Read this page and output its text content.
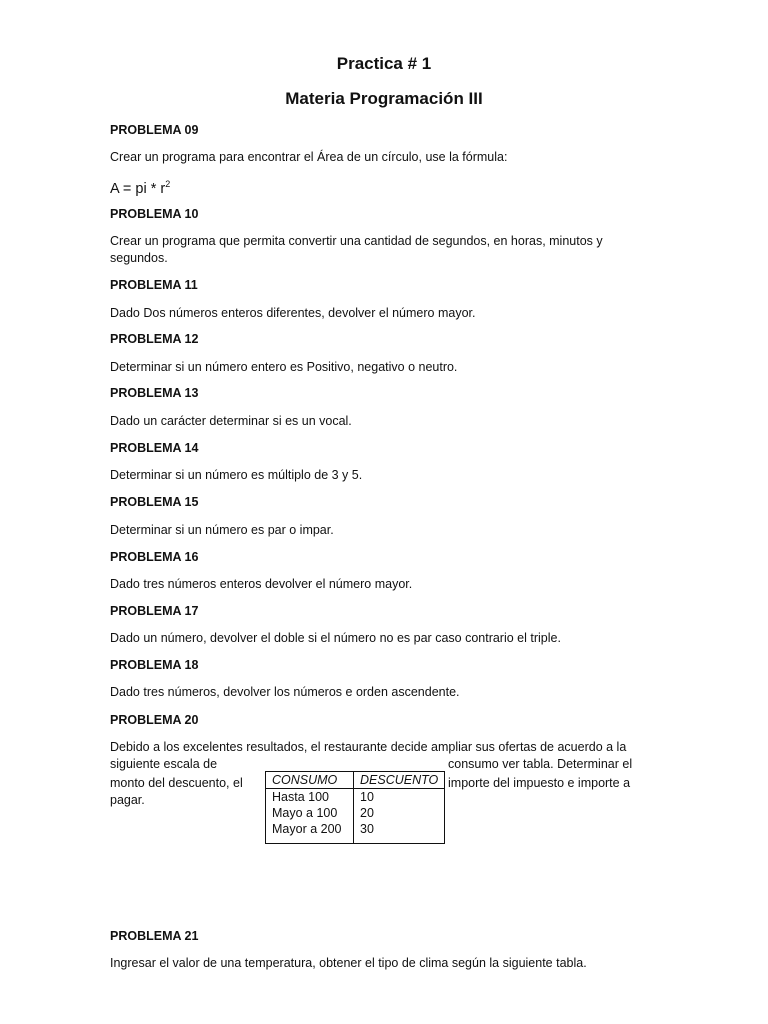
Practica # 1
Materia Programación III
PROBLEMA 09
Crear un programa para encontrar el Área de un círculo, use la fórmula:
A = pi * $r^2$
PROBLEMA 10
Crear un programa que permita convertir una cantidad de segundos, en horas, minutos y segundos.
PROBLEMA 11
Dado Dos números enteros diferentes, devolver el número mayor.
PROBLEMA 12
Determinar si un número entero es Positivo, negativo o neutro.
PROBLEMA 13
Dado un carácter determinar si es un vocal.
PROBLEMA 14
Determinar si un número es múltiplo de 3 y 5.
PROBLEMA 15
Determinar si un número es par o impar.
PROBLEMA 16
Dado tres números enteros devolver el número mayor.
PROBLEMA 17
Dado un número, devolver el doble si el número no es par caso contrario el triple.
PROBLEMA 18
Dado tres números, devolver los números e orden ascendente.
PROBLEMA 20
Debido a los excelentes resultados, el restaurante decide ampliar sus ofertas de acuerdo a la
siguiente escala de
monto del descuento, el
pagar.
consumo ver tabla. Determinar el
importe del impuesto e importe a
CONSUMO	DESCUENTO
Hasta 100	10
Mayo a 100	20
Mayor a 200	30
PROBLEMA 21
Ingresar el valor de una temperatura, obtener el tipo de clima según la siguiente tabla.
